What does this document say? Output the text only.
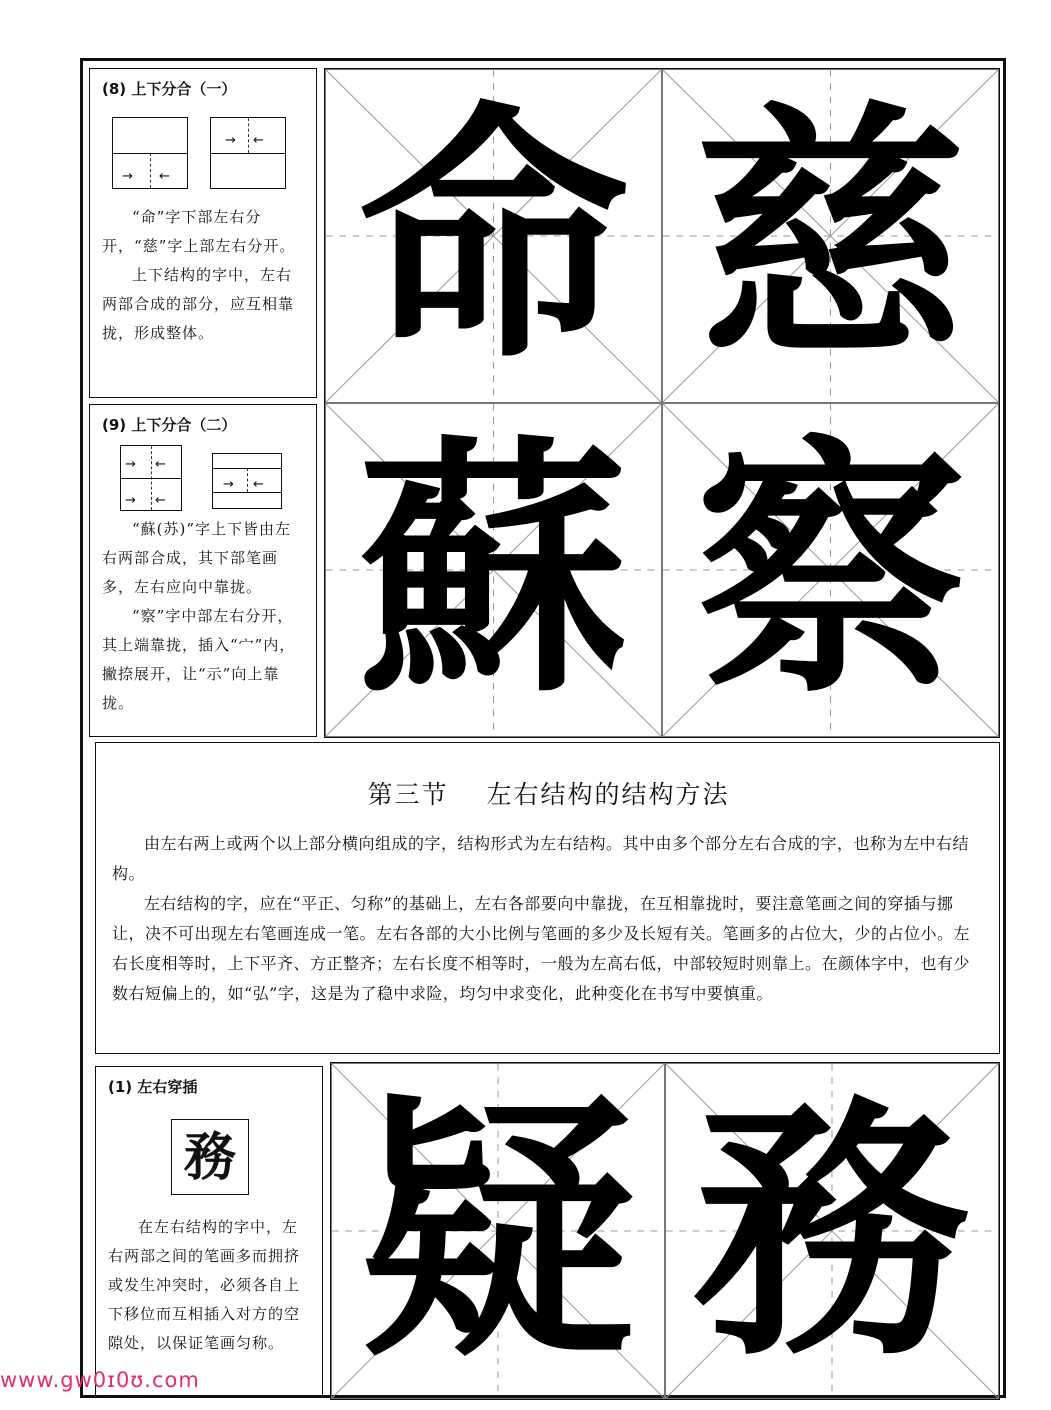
(8) 上下分合（一）
→ ←
→ ←

“命”字下部左右分开，“慈”字上部左右分开。

上下结构的字中，左右两部合成的部分，应互相靠拢，形成整体。

(9) 上下分合（二）
→ ←
→ ←
→ ←

“蘇(苏)”字上下皆由左右两部合成，其下部笔画多，左右应向中靠拢。

“察”字中部左右分开，其上端靠拢，插入“宀”内，撇捺展开，让“示”向上靠拢。

命 慈
蘇 察
第三节 左右结构的结构方法

由左右两上或两个以上部分横向组成的字，结构形式为左右结构。其中由多个部分左右合成的字，也称为左中右结构。

左右结构的字，应在“平正、匀称”的基础上，左右各部要向中靠拢，在互相靠拢时，要注意笔画之间的穿插与挪让，决不可出现左右笔画连成一笔。左右各部的大小比例与笔画的多少及长短有关。笔画多的占位大，少的占位小。左右长度相等时，上下平齐、方正整齐；左右长度不相等时，一般为左高右低，中部较短时则靠上。在颜体字中，也有少数右短偏上的，如“弘”字，这是为了稳中求险，均匀中求变化，此种变化在书写中要慎重。

(1) 左右穿插
務

在左右结构的字中，左右两部之间的笔画多而拥挤或发生冲突时，必须各自上下移位而互相插入对方的空隙处，以保证笔画匀称。 疑 務
www.gw0ɪ0ʊ.com
